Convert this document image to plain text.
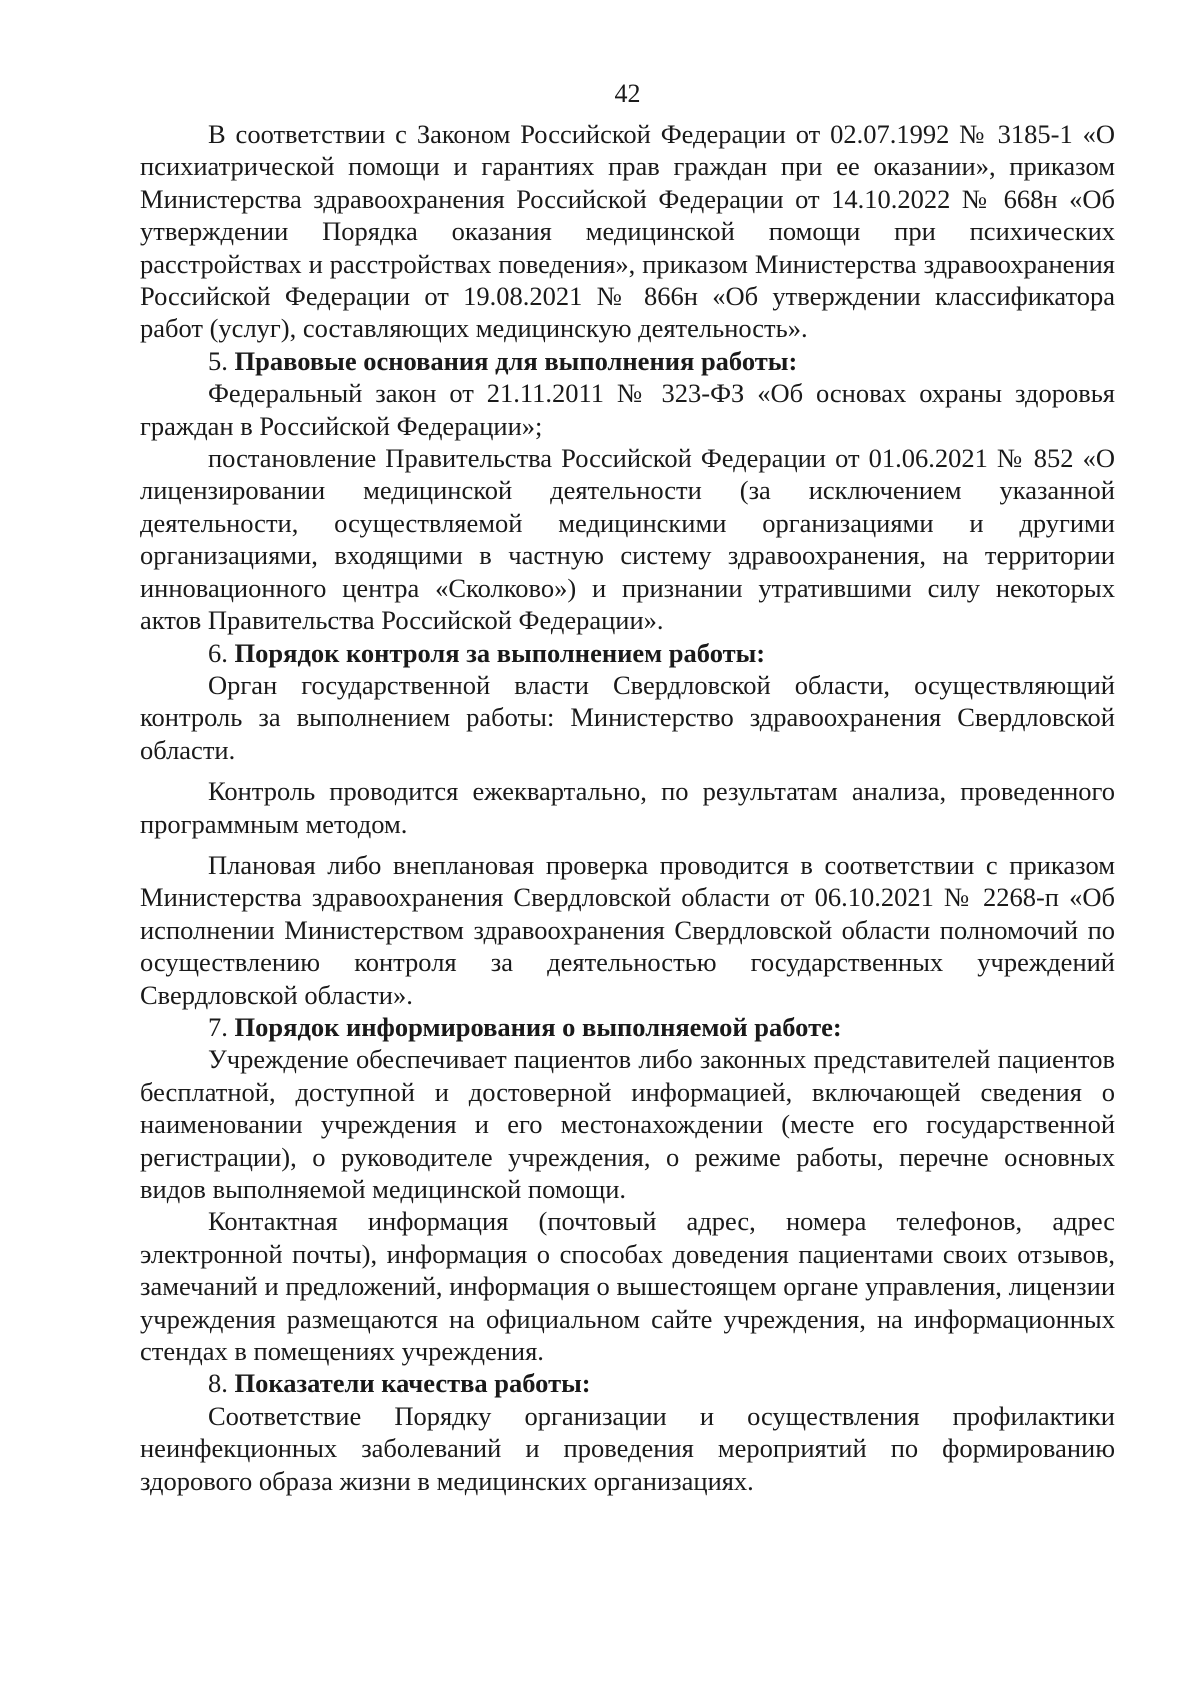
42

В соответствии с Законом Российской Федерации от 02.07.1992 № 3185-1 «О психиатрической помощи и гарантиях прав граждан при ее оказании», приказом Министерства здравоохранения Российской Федерации от 14.10.2022 № 668н «Об утверждении Порядка оказания медицинской помощи при психических расстройствах и расстройствах поведения», приказом Министерства здравоохранения Российской Федерации от 19.08.2021 № 866н «Об утверждении классификатора работ (услуг), составляющих медицинскую деятельность».

5. Правовые основания для выполнения работы:

Федеральный закон от 21.11.2011 № 323-ФЗ «Об основах охраны здоровья граждан в Российской Федерации»;

постановление Правительства Российской Федерации от 01.06.2021 № 852 «О лицензировании медицинской деятельности (за исключением указанной деятельности, осуществляемой медицинскими организациями и другими организациями, входящими в частную систему здравоохранения, на территории инновационного центра «Сколково») и признании утратившими силу некоторых актов Правительства Российской Федерации».

6. Порядок контроля за выполнением работы:

Орган государственной власти Свердловской области, осуществляющий контроль за выполнением работы: Министерство здравоохранения Свердловской области.

Контроль проводится ежеквартально, по результатам анализа, проведенного программным методом.

Плановая либо внеплановая проверка проводится в соответствии с приказом Министерства здравоохранения Свердловской области от 06.10.2021 № 2268-п «Об исполнении Министерством здравоохранения Свердловской области полномочий по осуществлению контроля за деятельностью государственных учреждений Свердловской области».

7. Порядок информирования о выполняемой работе:

Учреждение обеспечивает пациентов либо законных представителей пациентов бесплатной, доступной и достоверной информацией, включающей сведения о наименовании учреждения и его местонахождении (месте его государственной регистрации), о руководителе учреждения, о режиме работы, перечне основных видов выполняемой медицинской помощи.

Контактная информация (почтовый адрес, номера телефонов, адрес электронной почты), информация о способах доведения пациентами своих отзывов, замечаний и предложений, информация о вышестоящем органе управления, лицензии учреждения размещаются на официальном сайте учреждения, на информационных стендах в помещениях учреждения.

8. Показатели качества работы:

Соответствие Порядку организации и осуществления профилактики неинфекционных заболеваний и проведения мероприятий по формированию здорового образа жизни в медицинских организациях.
